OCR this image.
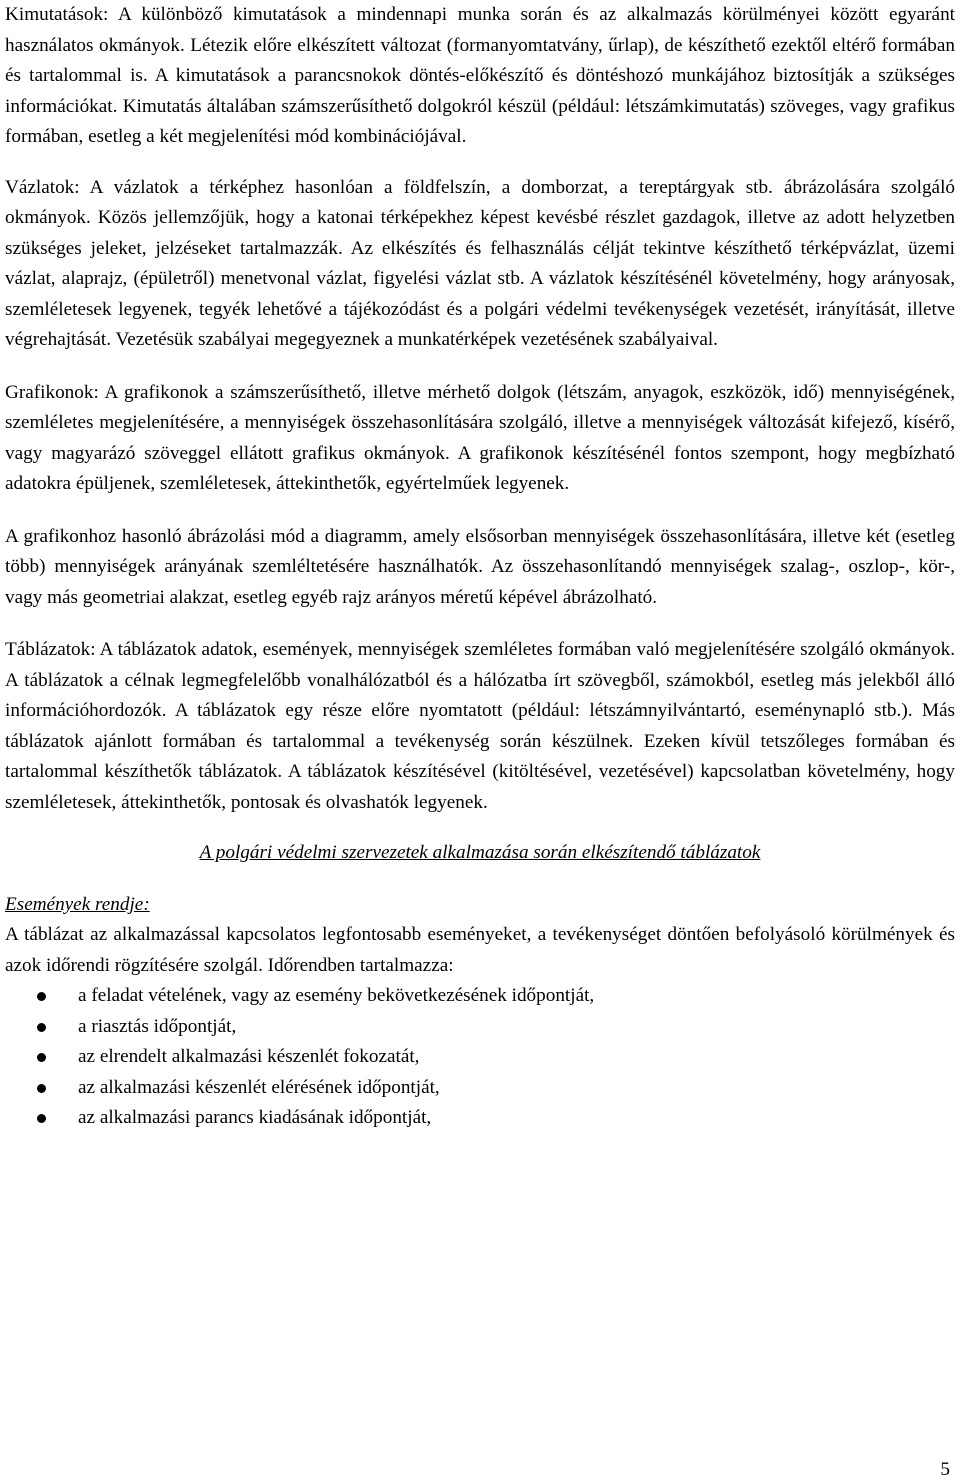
Kimutatások: A különböző kimutatások a mindennapi munka során és az alkalmazás körülményei között egyaránt használatos okmányok. Létezik előre elkészített változat (formanyomtatvány, űrlap), de készíthető ezektől eltérő formában és tartalommal is. A kimutatások a parancsnokok döntés-előkészítő és döntéshozó munkájához biztosítják a szükséges információkat. Kimutatás általában számszerűsíthető dolgokról készül (például: létszámkimutatás) szöveges, vagy grafikus formában, esetleg a két megjelenítési mód kombinációjával.

Vázlatok: A vázlatok a térképhez hasonlóan a földfelszín, a domborzat, a tereptárgyak stb. ábrázolására szolgáló okmányok. Közös jellemzőjük, hogy a katonai térképekhez képest kevésbé részlet gazdagok, illetve az adott helyzetben szükséges jeleket, jelzéseket tartalmazzák. Az elkészítés és felhasználás célját tekintve készíthető térképvázlat, üzemi vázlat, alaprajz, (épületről) menetvonal vázlat, figyelési vázlat stb. A vázlatok készítésénél követelmény, hogy arányosak, szemléletesek legyenek, tegyék lehetővé a tájékozódást és a polgári védelmi tevékenységek vezetését, irányítását, illetve végrehajtását. Vezetésük szabályai megegyeznek a munkatérképek vezetésének szabályaival.

Grafikonok: A grafikonok a számszerűsíthető, illetve mérhető dolgok (létszám, anyagok, eszközök, idő) mennyiségének, szemléletes megjelenítésére, a mennyiségek összehasonlítására szolgáló, illetve a mennyiségek változását kifejező, kísérő, vagy magyarázó szöveggel ellátott grafikus okmányok. A grafikonok készítésénél fontos szempont, hogy megbízható adatokra épüljenek, szemléletesek, áttekinthetők, egyértelműek legyenek.

A grafikonhoz hasonló ábrázolási mód a diagramm, amely elsősorban mennyiségek összehasonlítására, illetve két (esetleg több) mennyiségek arányának szemléltetésére használhatók. Az összehasonlítandó mennyiségek szalag-, oszlop-, kör-, vagy más geometriai alakzat, esetleg egyéb rajz arányos méretű képével ábrázolható.

Táblázatok: A táblázatok adatok, események, mennyiségek szemléletes formában való megjelenítésére szolgáló okmányok. A táblázatok a célnak legmegfelelőbb vonalhálózatból és a hálózatba írt szövegből, számokból, esetleg más jelekből álló információhordozók. A táblázatok egy része előre nyomtatott (például: létszámnyilvántartó, eseménynapló stb.). Más táblázatok ajánlott formában és tartalommal a tevékenység során készülnek. Ezeken kívül tetszőleges formában és tartalommal készíthetők táblázatok. A táblázatok készítésével (kitöltésével, vezetésével) kapcsolatban követelmény, hogy szemléletesek, áttekinthetők, pontosak és olvashatók legyenek.

A polgári védelmi szervezetek alkalmazása során elkészítendő táblázatok
Események rendje:

A táblázat az alkalmazással kapcsolatos legfontosabb eseményeket, a tevékenységet döntően befolyásoló körülmények és azok időrendi rögzítésére szolgál. Időrendben tartalmazza:

a feladat vételének, vagy az esemény bekövetkezésének időpontját,
a riasztás időpontját,
az elrendelt alkalmazási készenlét fokozatát,
az alkalmazási készenlét elérésének időpontját,
az alkalmazási parancs kiadásának időpontját,
5
